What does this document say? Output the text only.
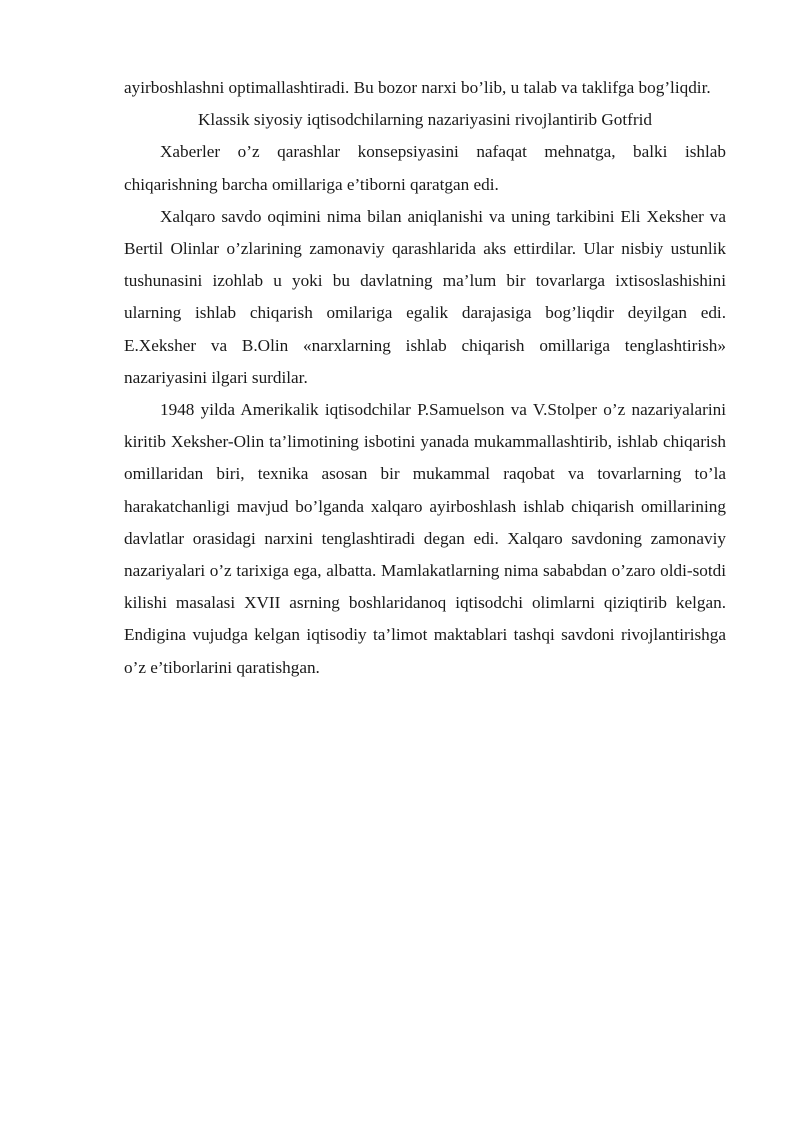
ayirboshlashni optimallashtiradi. Bu bozor narxi bo’lib, u talab va taklifga bog’liqdir.

Klassik siyosiy iqtisodchilarning nazariyasini rivojlantirib Gotfrid

Xaberler o’z qarashlar konsepsiyasini nafaqat mehnatga, balki ishlab chiqarishning barcha omillariga e’tiborni qaratgan edi.

Xalqaro savdo oqimini nima bilan aniqlanishi va uning tarkibini Eli Xeksher va Bertil Olinlar o’zlarining zamonaviy qarashlarida aks ettirdilar. Ular nisbiy ustunlik tushunasini izohlab u yoki bu davlatning ma’lum bir tovarlarga ixtisoslashishini ularning ishlab chiqarish omilariga egalik darajasiga bog’liqdir deyilgan edi. E.Xeksher va B.Olin «narxlarning ishlab chiqarish omillariga tenglashtirish» nazariyasini ilgari surdilar.

1948 yilda Amerikalik iqtisodchilar P.Samuelson va V.Stolper o’z nazariyalarini kiritib Xeksher-Olin ta’limotining isbotini yanada mukammallashtirib, ishlab chiqarish omillaridan biri, texnika asosan bir mukammal raqobat va tovarlarning to’la harakatchanligi mavjud bo’lganda xalqaro ayirboshlash ishlab chiqarish omillarining davlatlar orasidagi narxini tenglashtiradi degan edi. Xalqaro savdoning zamonaviy nazariyalari o’z tarixiga ega, albatta. Mamlakatlarning nima sababdan o’zaro oldi-sotdi kilishi masalasi XVII asrning boshlaridanoq iqtisodchi olimlarni qiziqtirib kelgan. Endigina vujudga kelgan iqtisodiy ta’limot maktablari tashqi savdoni rivojlantirishga o’z e’tiborlarini qaratishgan.
